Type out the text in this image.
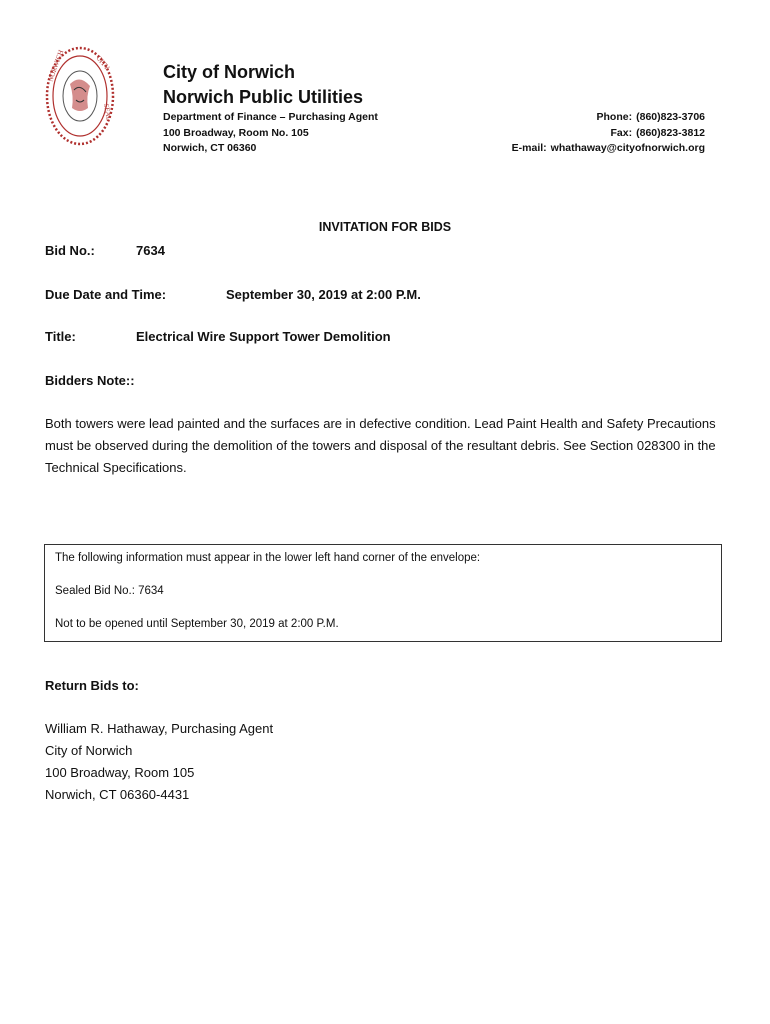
NORWICH	CITY
SEAL
City of Norwich
Norwich Public Utilities
Department of Finance – Purchasing Agent
100 Broadway, Room No. 105
Norwich, CT 06360
Phone: (860)823-3706
Fax: (860)823-3812
E-mail: whathaway@cityofnorwich.org
INVITATION FOR BIDS
Bid No.:	7634
Due Date and Time:	September 30, 2019 at 2:00 P.M.
Title:	Electrical Wire Support Tower Demolition
Bidders Note::
Both towers were lead painted and the surfaces are in defective condition. Lead Paint Health and Safety Precautions must be observed during the demolition of the towers and disposal of the resultant debris. See Section 028300 in the Technical Specifications.
The following information must appear in the lower left hand corner of the envelope:
Sealed Bid No.: 7634
Not to be opened until September 30, 2019 at 2:00 P.M.
Return Bids to:
William R. Hathaway, Purchasing Agent
City of Norwich
100 Broadway, Room 105
Norwich, CT 06360-4431
